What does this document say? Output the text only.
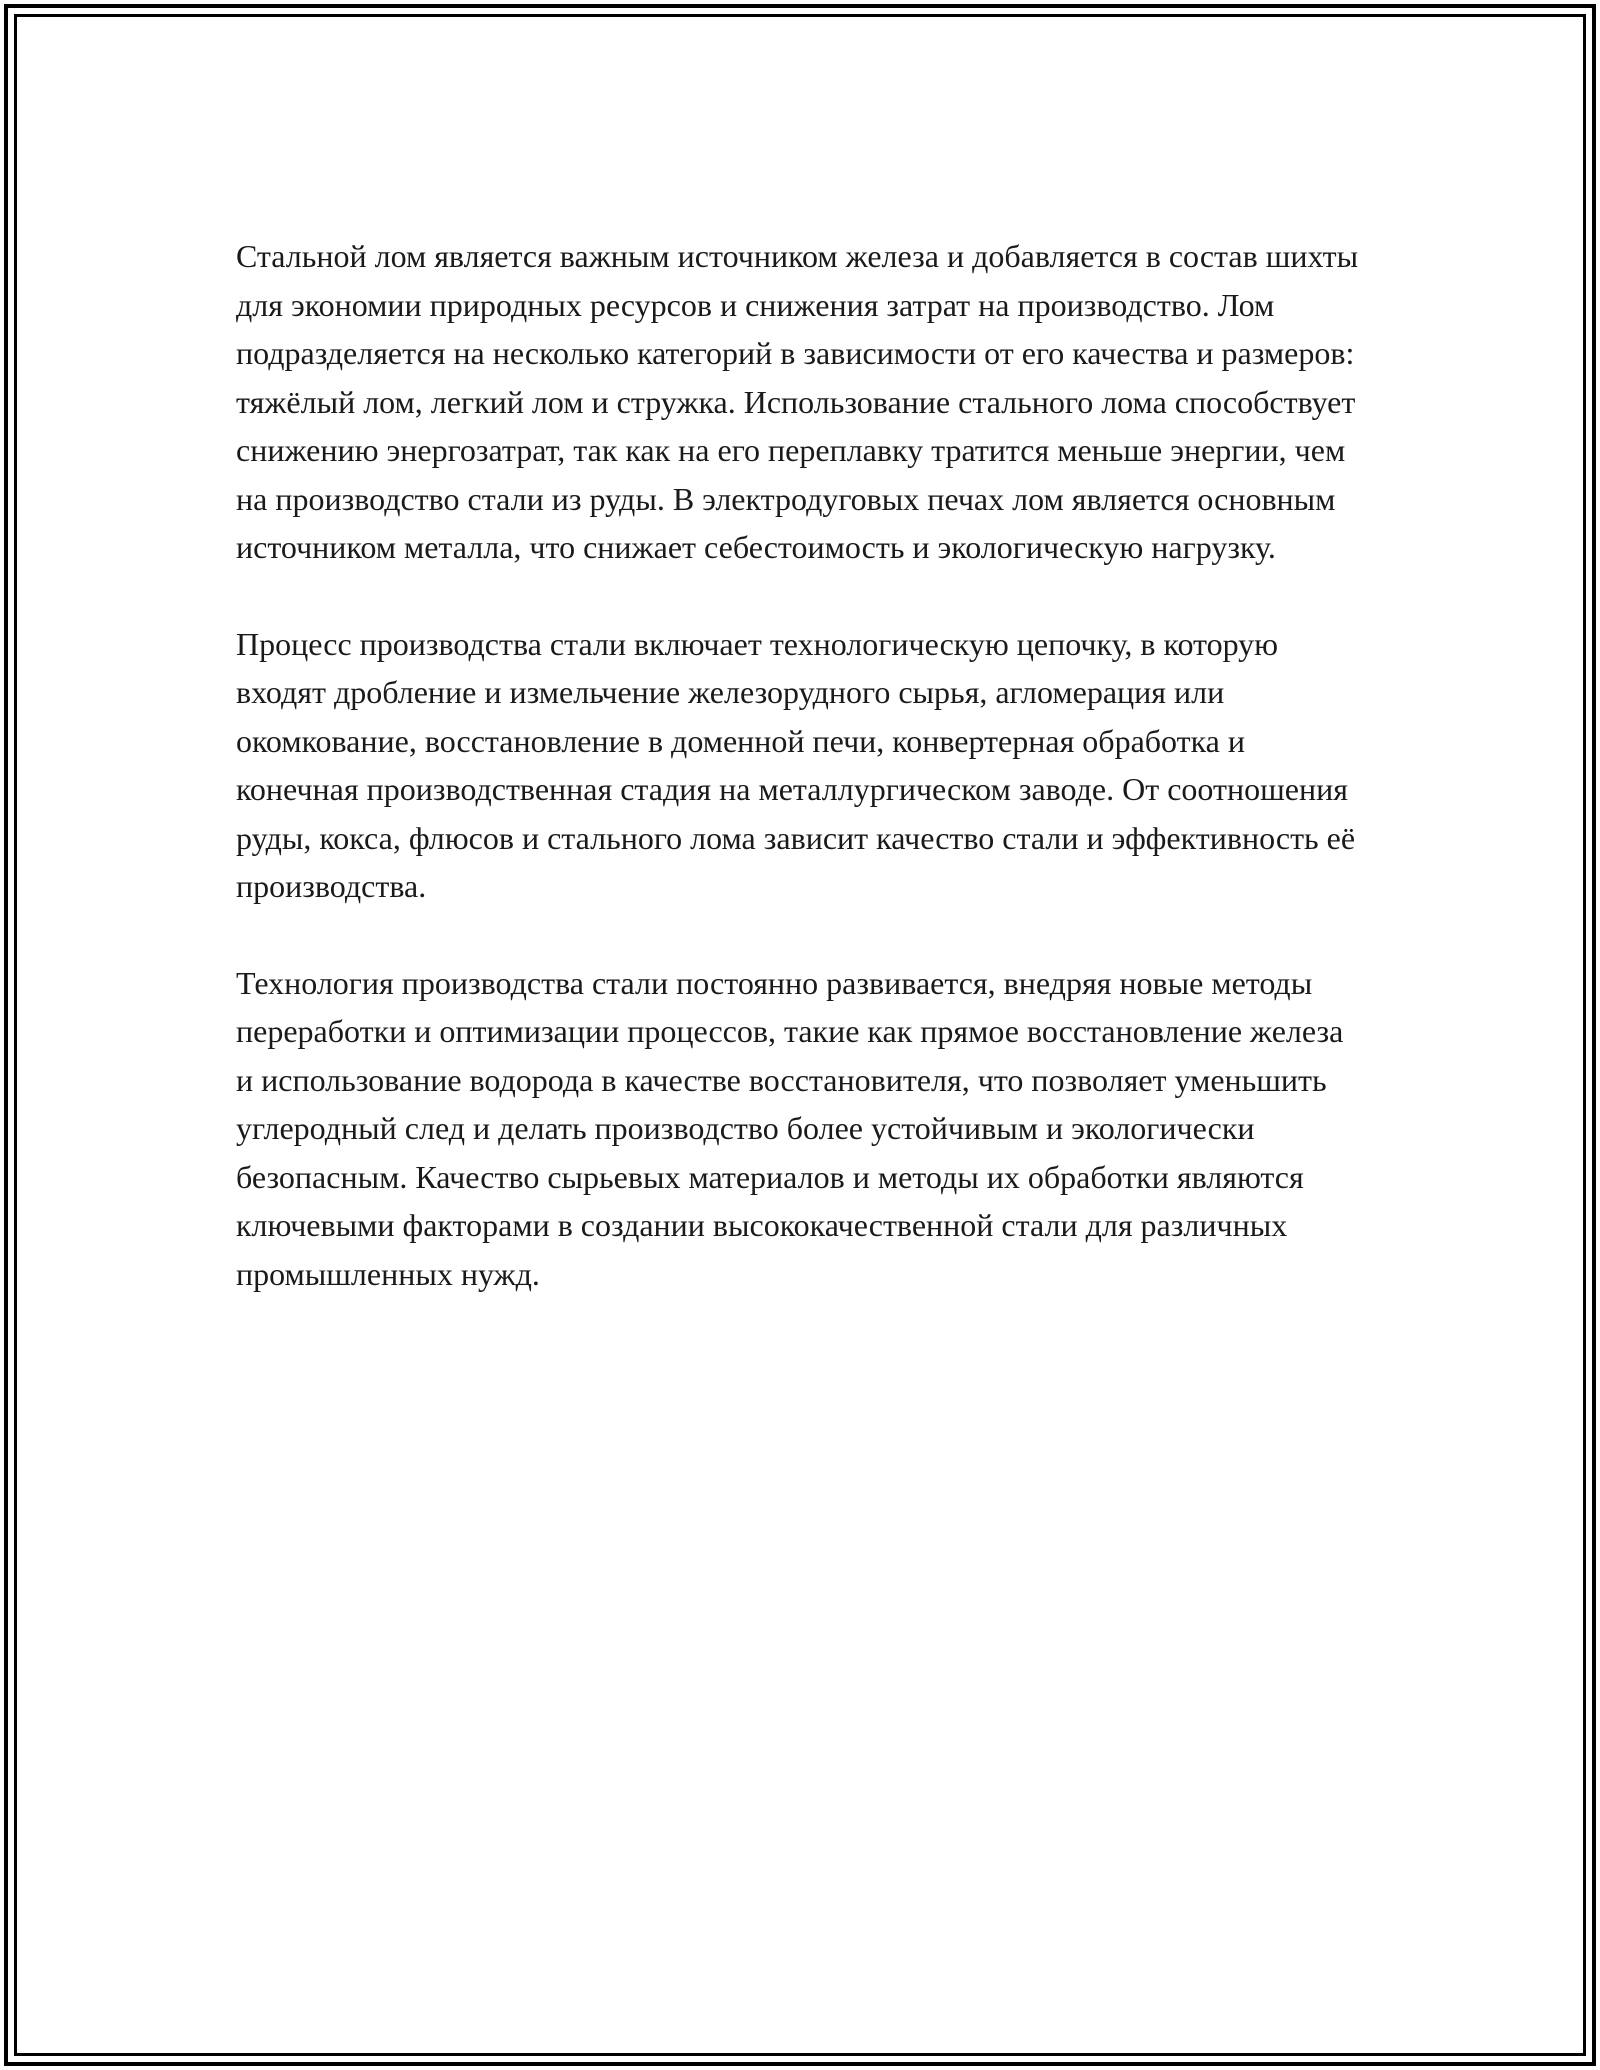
Стальной лом является важным источником железа и добавляется в состав шихты для экономии природных ресурсов и снижения затрат на производство. Лом подразделяется на несколько категорий в зависимости от его качества и размеров: тяжёлый лом, легкий лом и стружка. Использование стального лома способствует снижению энергозатрат, так как на его переплавку тратится меньше энергии, чем на производство стали из руды. В электродуговых печах лом является основным источником металла, что снижает себестоимость и экологическую нагрузку.

Процесс производства стали включает технологическую цепочку, в которую входят дробление и измельчение железорудного сырья, агломерация или окомкование, восстановление в доменной печи, конвертерная обработка и конечная производственная стадия на металлургическом заводе. От соотношения руды, кокса, флюсов и стального лома зависит качество стали и эффективность её производства.

Технология производства стали постоянно развивается, внедряя новые методы переработки и оптимизации процессов, такие как прямое восстановление железа и использование водорода в качестве восстановителя, что позволяет уменьшить углеродный след и делать производство более устойчивым и экологически безопасным. Качество сырьевых материалов и методы их обработки являются ключевыми факторами в создании высококачественной стали для различных промышленных нужд.
